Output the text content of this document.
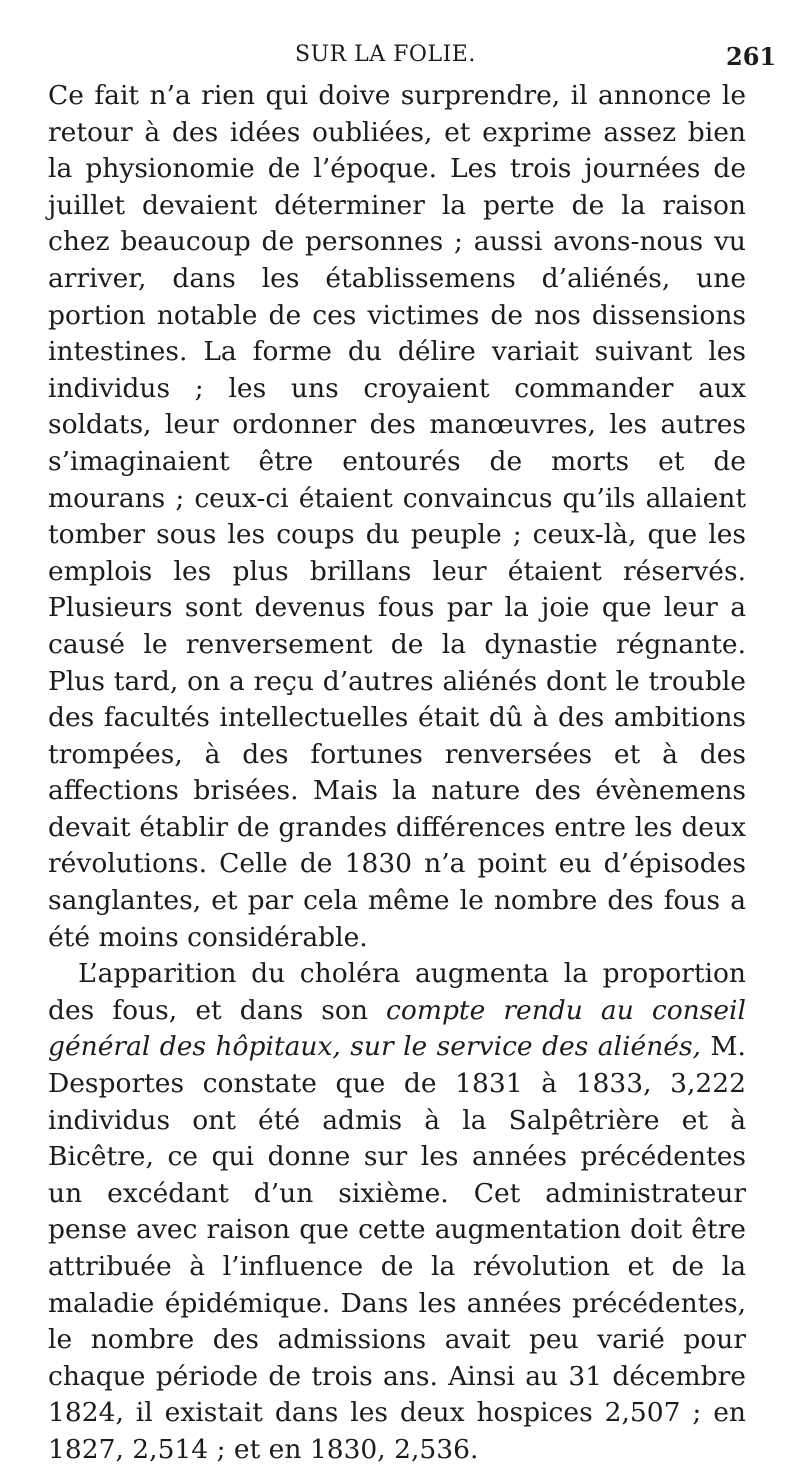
SUR LA FOLIE.	261

Ce fait n’a rien qui doive surprendre, il annonce le retour à des idées oubliées, et exprime assez bien la physionomie de l’époque. Les trois journées de juillet devaient déterminer la perte de la raison chez beaucoup de personnes ; aussi avons-nous vu arriver, dans les établissemens d’aliénés, une portion notable de ces victimes de nos dissensions intestines. La forme du délire variait suivant les individus ; les uns croyaient commander aux soldats, leur ordonner des manœuvres, les autres s’imaginaient être entourés de morts et de mourans ; ceux-ci étaient convaincus qu’ils allaient tomber sous les coups du peuple ; ceux-là, que les emplois les plus brillans leur étaient réservés. Plusieurs sont devenus fous par la joie que leur a causé le renversement de la dynastie régnante. Plus tard, on a reçu d’autres aliénés dont le trouble des facultés intellectuelles était dû à des ambitions trompées, à des fortunes renversées et à des affections brisées. Mais la nature des évènemens devait établir de grandes différences entre les deux révolutions. Celle de 1830 n’a point eu d’épisodes sanglantes, et par cela même le nombre des fous a été moins considérable.

L’apparition du choléra augmenta la proportion des fous, et dans son compte rendu au conseil général des hôpitaux, sur le service des aliénés, M. Desportes constate que de 1831 à 1833, 3,222 individus ont été admis à la Salpêtrière et à Bicêtre, ce qui donne sur les années précédentes un excédant d’un sixième. Cet administrateur pense avec raison que cette augmentation doit être attribuée à l’influence de la révolution et de la maladie épidémique. Dans les années précédentes, le nombre des admissions avait peu varié pour chaque période de trois ans. Ainsi au 31 décembre 1824, il existait dans les deux hospices 2,507 ; en 1827, 2,514 ; et en 1830, 2,536.
